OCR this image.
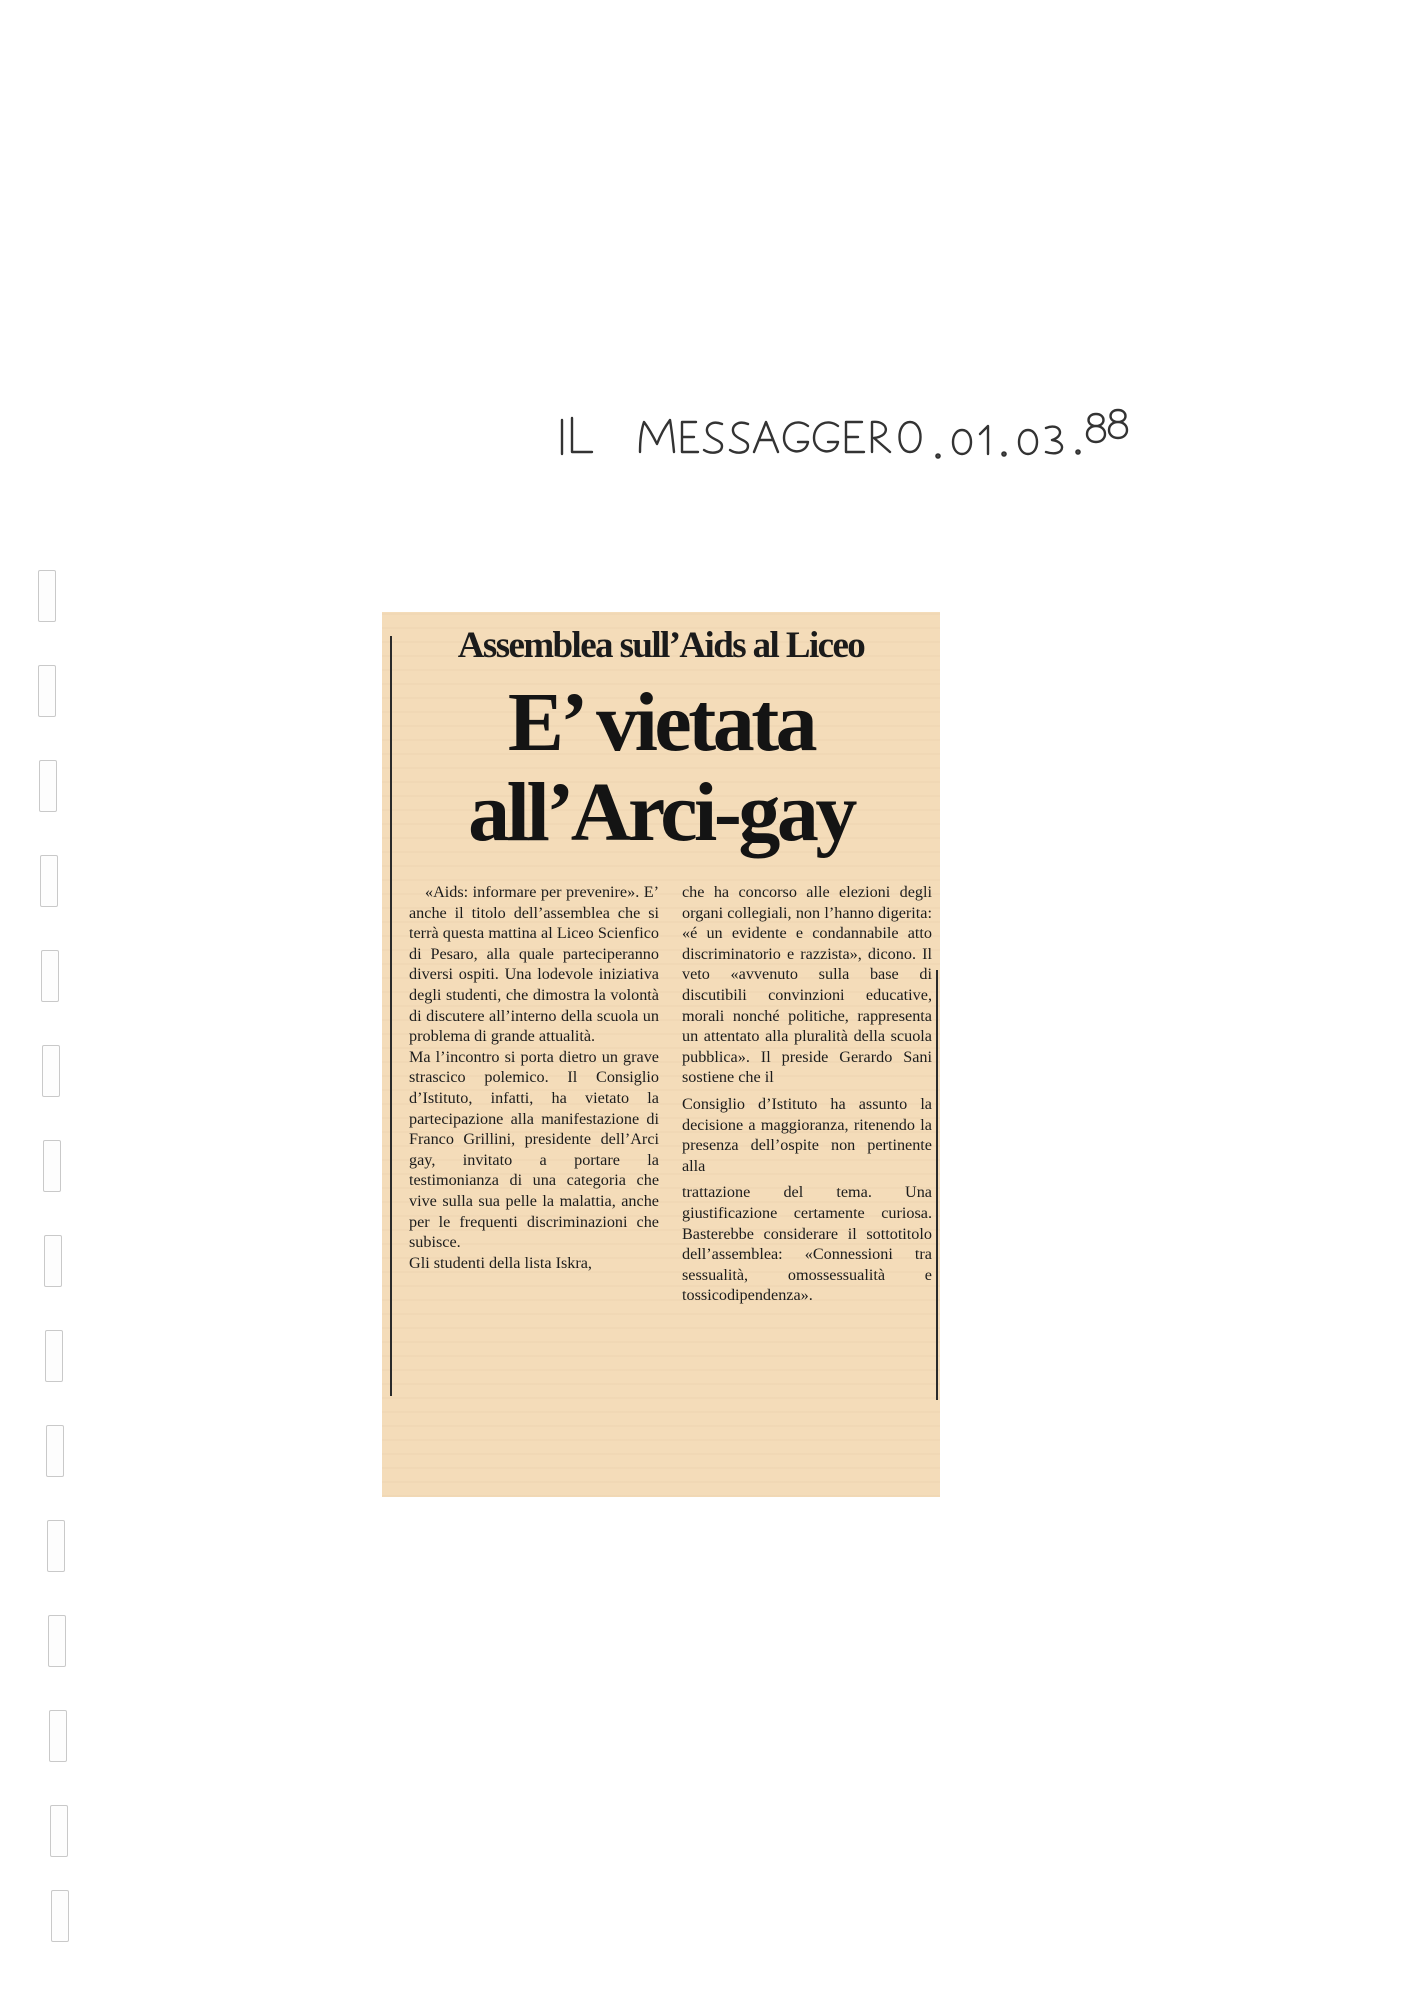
Assemblea sull’Aids al Liceo
E’ vietata
all’Arci-gay

«Aids: informare per prevenire». E’ anche il titolo dell’assemblea che si terrà questa mattina al Liceo Scienfico di Pesaro, alla quale parteciperanno diversi ospiti. Una lodevole iniziativa degli studenti, che dimostra la volontà di discutere all’interno della scuola un problema di grande attualità.

Ma l’incontro si porta dietro un grave strascico polemico. Il Consiglio d’Istituto, infatti, ha vietato la partecipazione alla manifestazione di Franco Grillini, presidente dell’Arci gay, invitato a portare la testimonianza di una categoria che vive sulla sua pelle la malattia, anche per le frequenti discriminazioni che subisce.

Gli studenti della lista Iskra,

che ha concorso alle elezioni degli organi collegiali, non l’hanno digerita: «é un evidente e condannabile atto discriminatorio e razzista», dicono. Il veto «avvenuto sulla base di discutibili convinzioni educative, morali nonché politiche, rappresenta un attentato alla pluralità della scuola pubblica». Il preside Gerardo Sani sostiene che il

Consiglio d’Istituto ha assunto la decisione a maggioranza, ritenendo la presenza dell’ospite non pertinente alla

trattazione del tema. Una giustificazione certamente curiosa. Basterebbe considerare il sottotitolo dell’assemblea: «Connessioni tra sessualità, omossessualità e tossicodipendenza».
